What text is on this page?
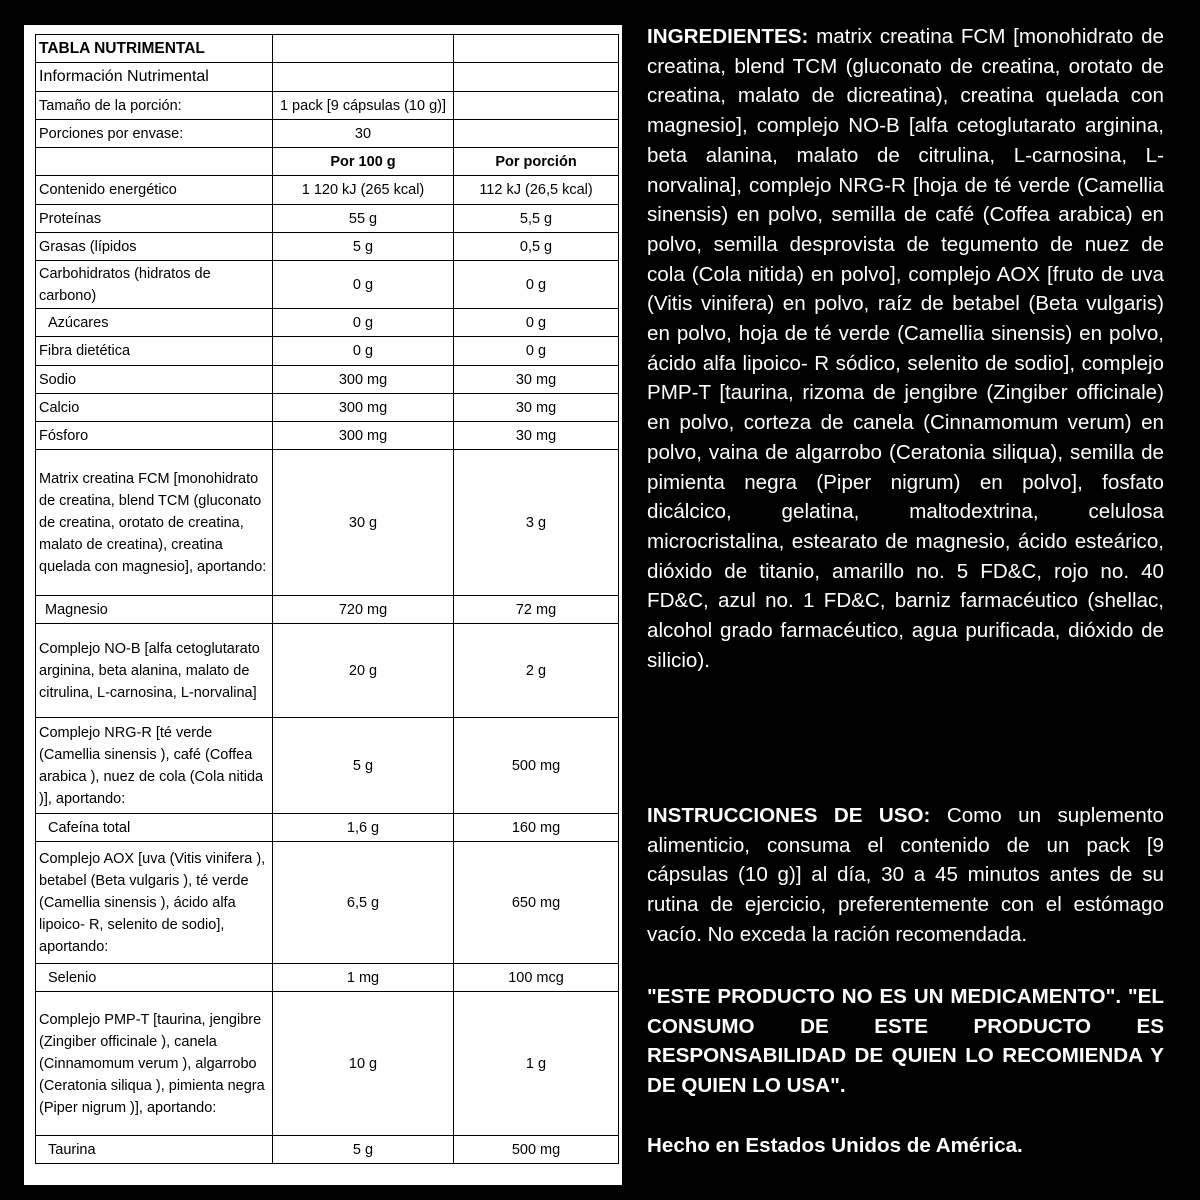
TABLA NUTRIMENTAL		
Información Nutrimental		
Tamaño de la porción:	1 pack [9 cápsulas (10 g)]	
Porciones por envase:	30	
	Por 100 g	Por porción
Contenido energético	1 120 kJ (265 kcal)	112 kJ (26,5 kcal)
Proteínas	55 g	5,5 g
Grasas (lípidos	5 g	0,5 g
Carbohidratos (hidratos de carbono)	0 g	0 g
Azúcares	0 g	0 g
Fibra dietética	0 g	0 g
Sodio	300 mg	30 mg
Calcio	300 mg	30 mg
Fósforo	300 mg	30 mg
Matrix creatina FCM [monohidrato de creatina, blend TCM (gluconato de creatina, orotato de creatina, malato de creatina), creatina quelada con magnesio], aportando:	30 g	3 g
Magnesio	720 mg	72 mg
Complejo NO-B [alfa cetoglutarato arginina, beta alanina, malato de citrulina, L-carnosina, L-norvalina]	20 g	2 g
Complejo NRG-R [té verde (Camellia sinensis ), café (Coffea arabica ), nuez de cola (Cola nitida )], aportando:	5 g	500 mg
Cafeína total	1,6 g	160 mg
Complejo AOX [uva (Vitis vinifera ), betabel (Beta vulgaris ), té verde (Camellia sinensis ), ácido alfa lipoico- R, selenito de sodio], aportando:	6,5 g	650 mg
Selenio	1 mg	100 mcg
Complejo PMP-T [taurina, jengibre (Zingiber officinale ), canela (Cinnamomum verum ), algarrobo (Ceratonia siliqua ), pimienta negra (Piper nigrum )], aportando:	10 g	1 g
Taurina	5 g	500 mg

INGREDIENTES: matrix creatina FCM [monohidrato de creatina, blend TCM (gluconato de creatina, orotato de creatina, malato de dicreatina), creatina quelada con magnesio], complejo NO-B [alfa cetoglutarato arginina, beta alanina, malato de citrulina, L-carnosina, L-norvalina], complejo NRG-R [hoja de té verde (Camellia sinensis) en polvo, semilla de café (Coffea arabica) en polvo, semilla desprovista de tegumento de nuez de cola (Cola nitida) en polvo], complejo AOX [fruto de uva (Vitis vinifera) en polvo, raíz de betabel (Beta vulgaris) en polvo, hoja de té verde (Camellia sinensis) en polvo, ácido alfa lipoico- R sódico, selenito de sodio], complejo PMP-T [taurina, rizoma de jengibre (Zingiber officinale) en polvo, corteza de canela (Cinnamomum verum) en polvo, vaina de algarrobo (Ceratonia siliqua), semilla de pimienta negra (Piper nigrum) en polvo], fosfato dicálcico, gelatina, maltodextrina, celulosa microcristalina, estearato de magnesio, ácido esteárico, dióxido de titanio, amarillo no. 5 FD&C, rojo no. 40 FD&C, azul no. 1 FD&C, barniz farmacéutico (shellac, alcohol grado farmacéutico, agua purificada, dióxido de silicio).

INSTRUCCIONES DE USO: Como un suplemento alimenticio, consuma el contenido de un pack [9 cápsulas (10 g)] al día, 30 a 45 minutos antes de su rutina de ejercicio, preferentemente con el estómago vacío. No exceda la ración recomendada.

"ESTE PRODUCTO NO ES UN MEDICAMENTO". "EL CONSUMO DE ESTE PRODUCTO ES RESPONSABILIDAD DE QUIEN LO RECOMIENDA Y DE QUIEN LO USA".

Hecho en Estados Unidos de América.
